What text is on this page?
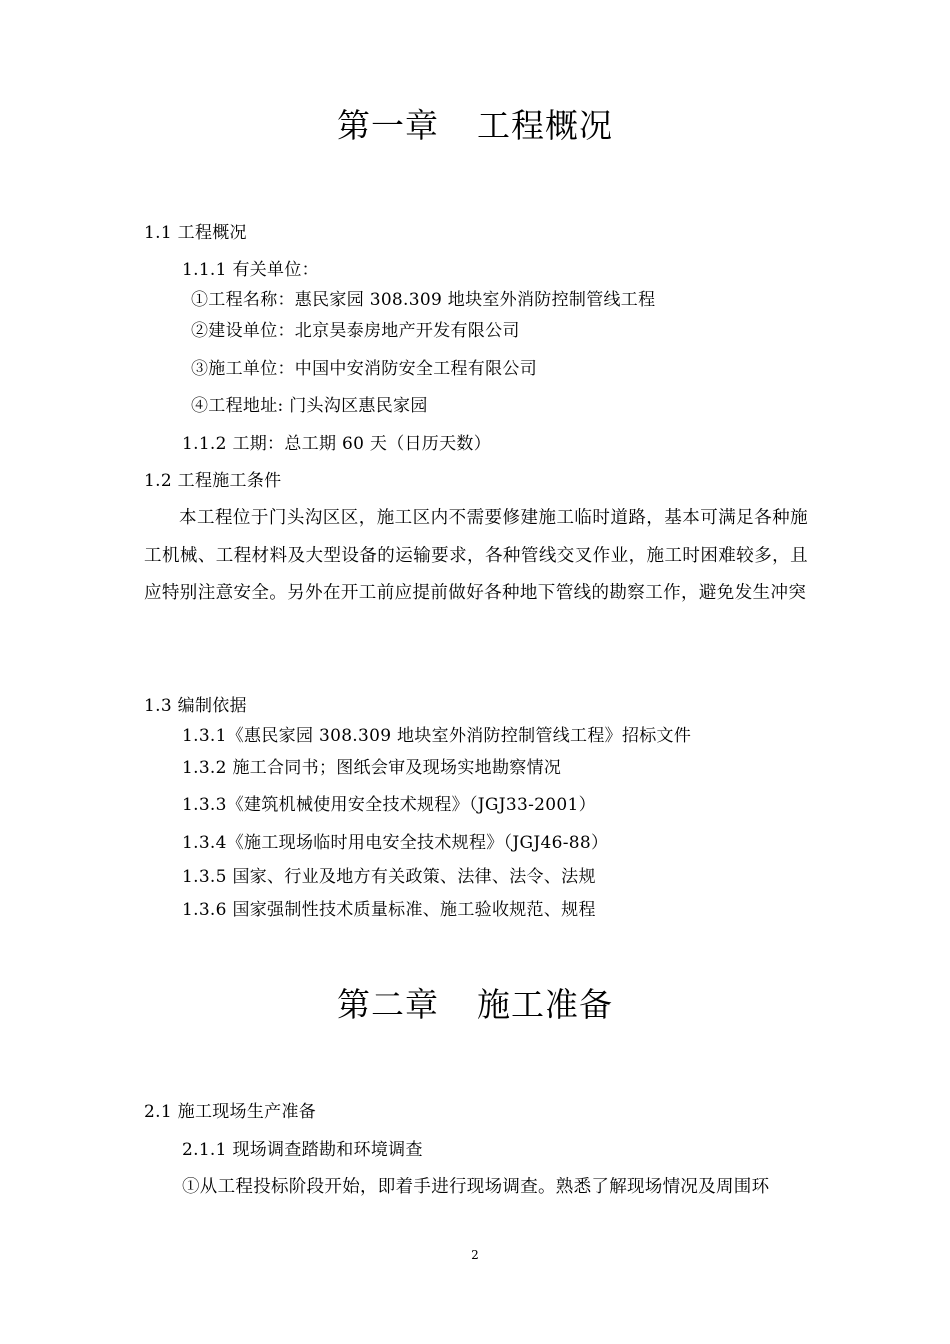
第一章 工程概况
1.1 工程概况
1.1.1 有关单位：
①工程名称：惠民家园 308.309 地块室外消防控制管线工程
②建设单位：北京昊泰房地产开发有限公司
③施工单位：中国中安消防安全工程有限公司
④工程地址: 门头沟区惠民家园
1.1.2 工期：总工期 60 天（日历天数）
1.2 工程施工条件
本工程位于门头沟区区，施工区内不需要修建施工临时道路，基本可满足各种施工机械、工程材料及大型设备的运输要求，各种管线交叉作业，施工时困难较多，且应特别注意安全。另外在开工前应提前做好各种地下管线的勘察工作，避免发生冲突
1.3 编制依据
1.3.1《惠民家园 308.309 地块室外消防控制管线工程》招标文件
1.3.2 施工合同书；图纸会审及现场实地勘察情况
1.3.3《建筑机械使用安全技术规程》（JGJ33-2001）
1.3.4《施工现场临时用电安全技术规程》（JGJ46-88）
1.3.5 国家、行业及地方有关政策、法律、法令、法规
1.3.6 国家强制性技术质量标准、施工验收规范、规程
第二章 施工准备
2.1 施工现场生产准备
2.1.1 现场调查踏勘和环境调查
①从工程投标阶段开始，即着手进行现场调查。熟悉了解现场情况及周围环
2
